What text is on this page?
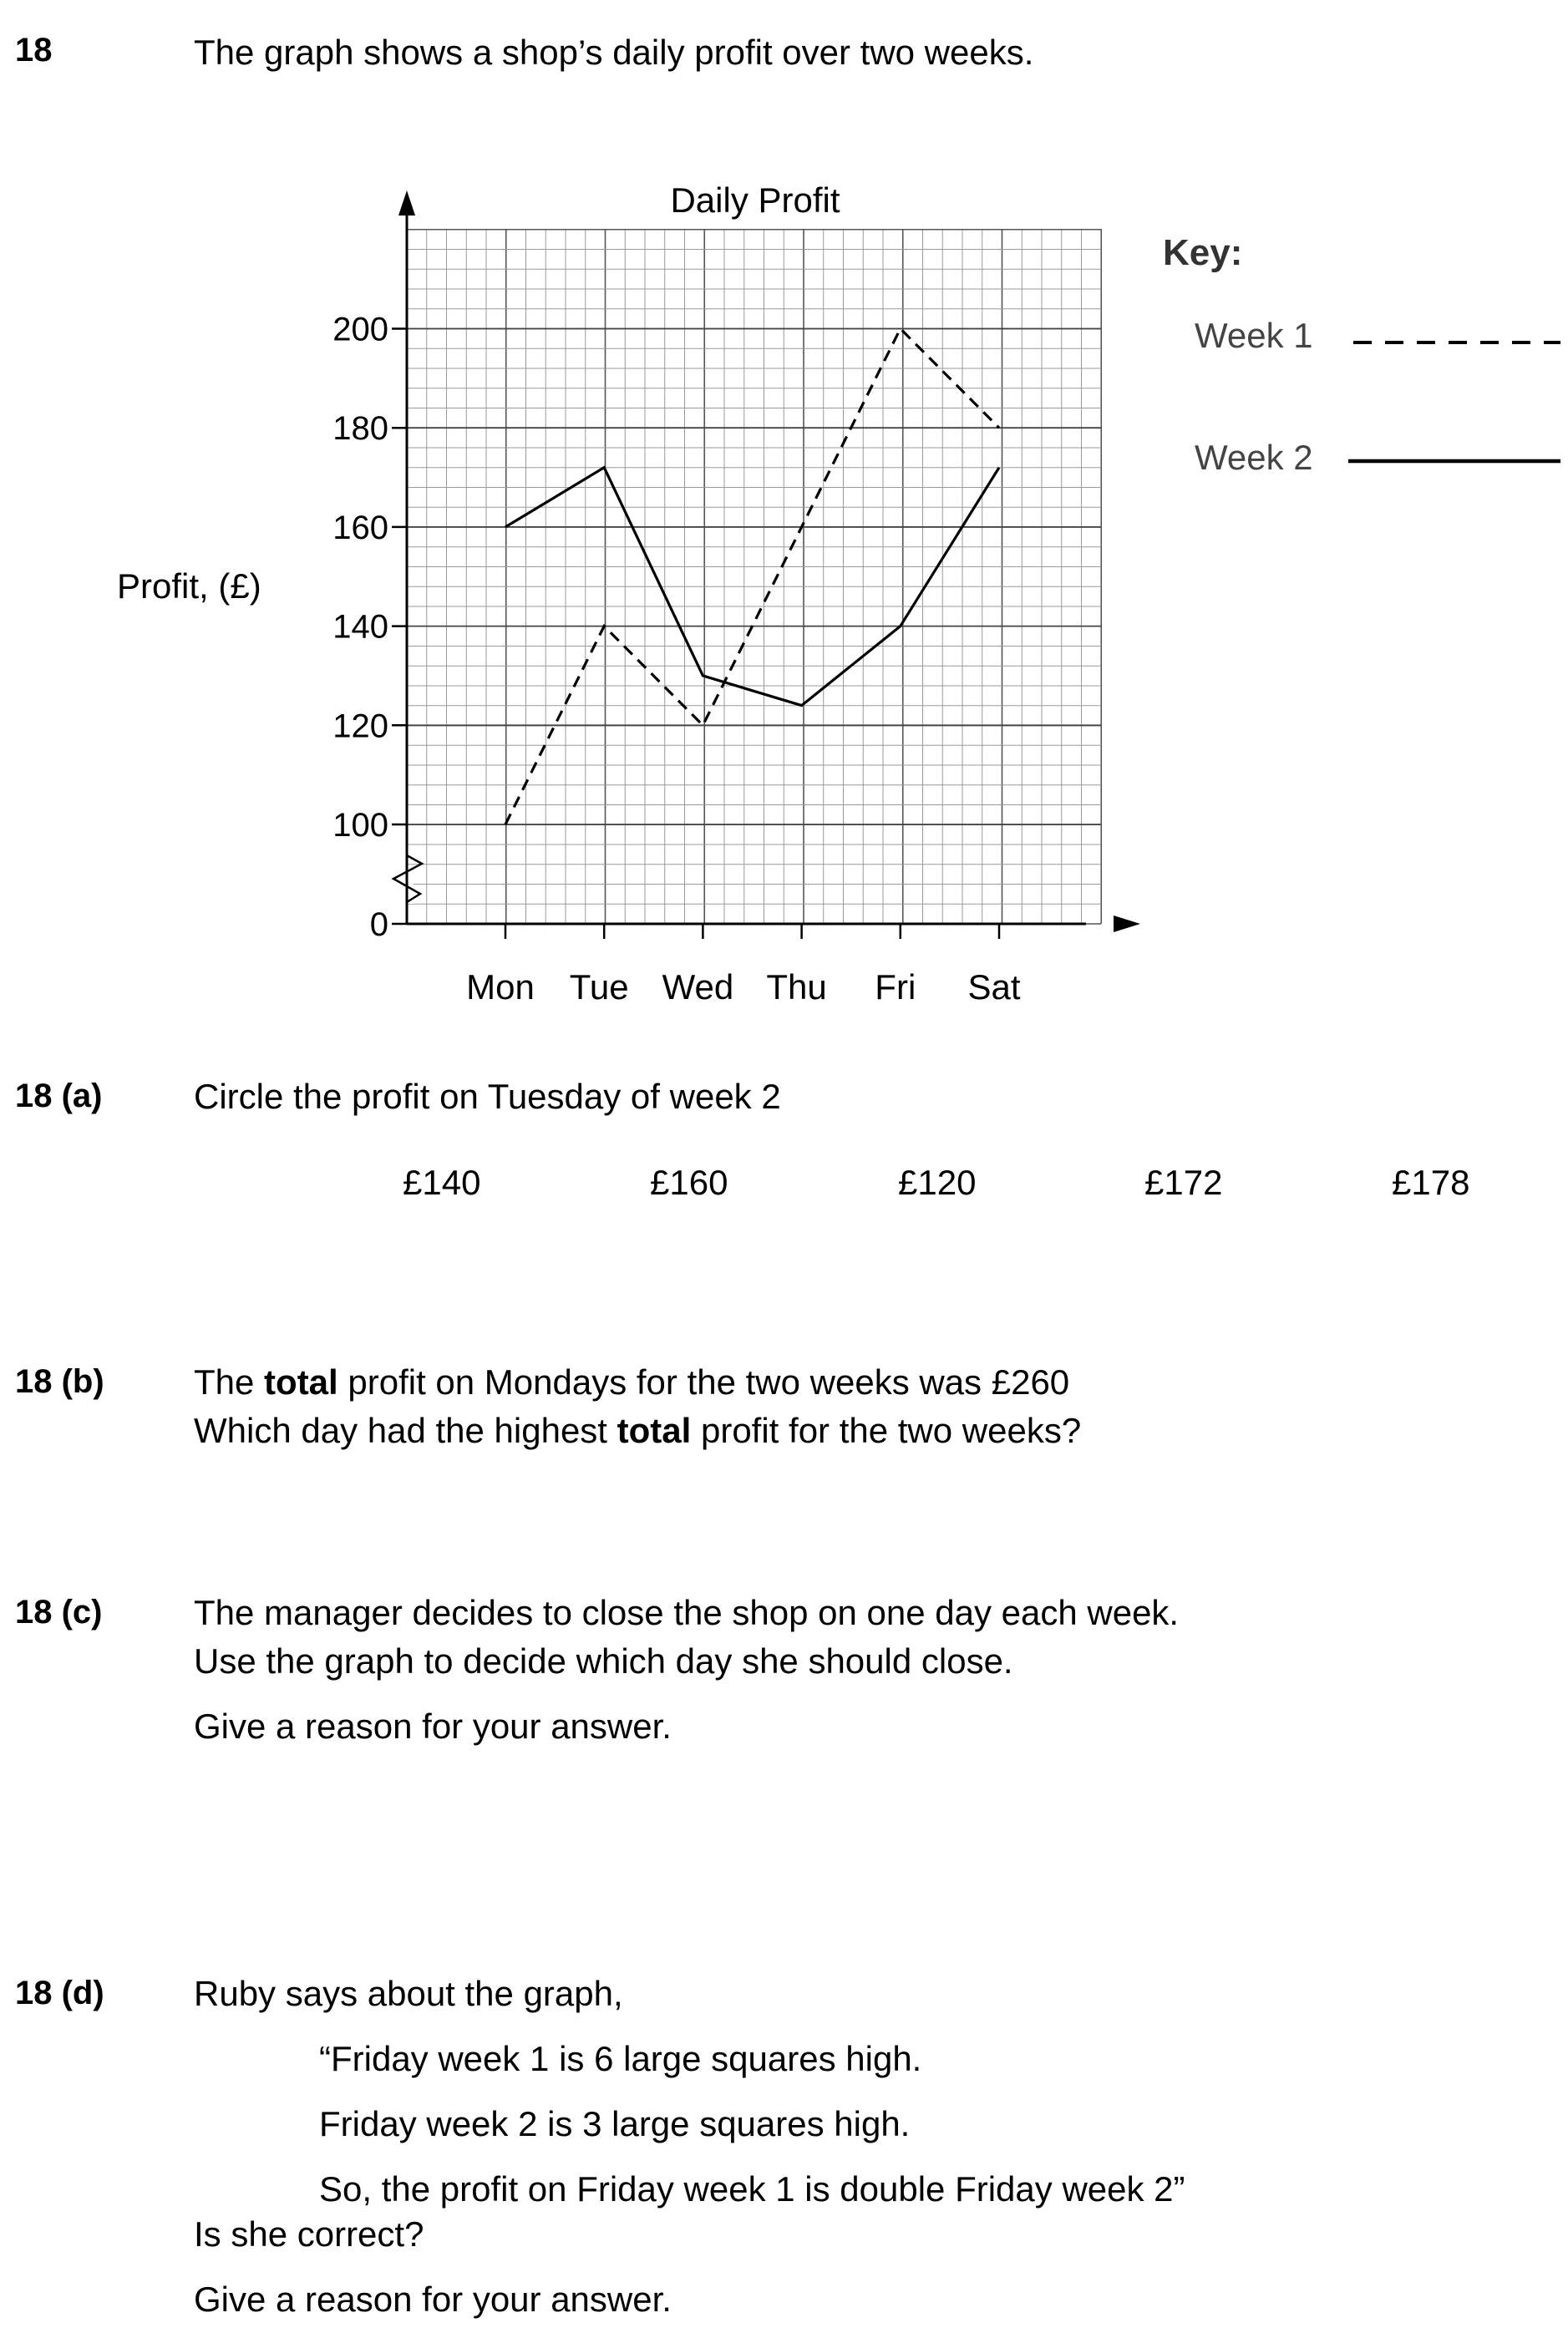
18	The graph shows a shop’s daily profit over two weeks.
0
100
120
140
160
180
200
Mon Tue Wed Thu Fri Sat
Daily Profit
Profit, (£)
Key:
Week 1
Week 2
18 (a)	Circle the profit on Tuesday of week 2
£140	£160	£120	£172	£178
18 (b)	The total profit on Mondays for the two weeks was £260
Which day had the highest total profit for the two weeks?
18 (c)	The manager decides to close the shop on one day each week.
Use the graph to decide which day she should close.
Give a reason for your answer.
18 (d)	Ruby says about the graph,
“Friday week 1 is 6 large squares high.
Friday week 2 is 3 large squares high.
So, the profit on Friday week 1 is double Friday week 2”
Is she correct?
Give a reason for your answer.
